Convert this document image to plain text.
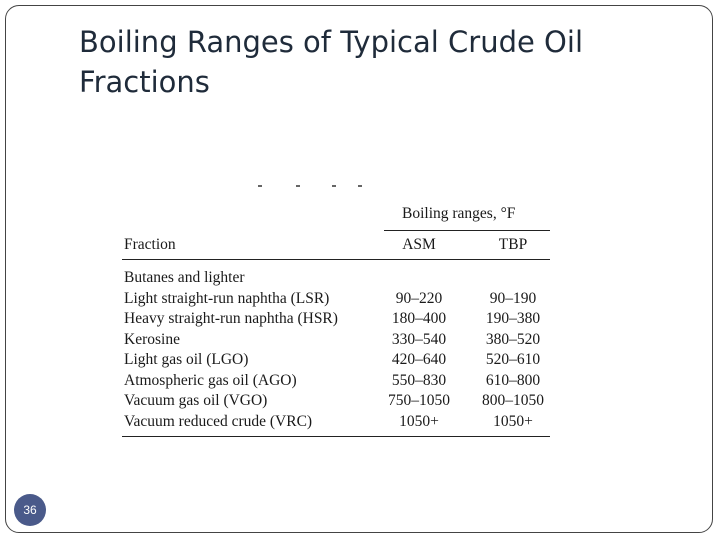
Boiling Ranges of Typical Crude Oil Fractions
Boiling ranges, °F
Fraction	ASM	TBP
Butanes and lighter
Light straight-run naphtha (LSR)	90–220	90–190
Heavy straight-run naphtha (HSR)	180–400	190–380
Kerosine	330–540	380–520
Light gas oil (LGO)	420–640	520–610
Atmospheric gas oil (AGO)	550–830	610–800
Vacuum gas oil (VGO)	750–1050	800–1050
Vacuum reduced crude (VRC)	1050+	1050+
36
